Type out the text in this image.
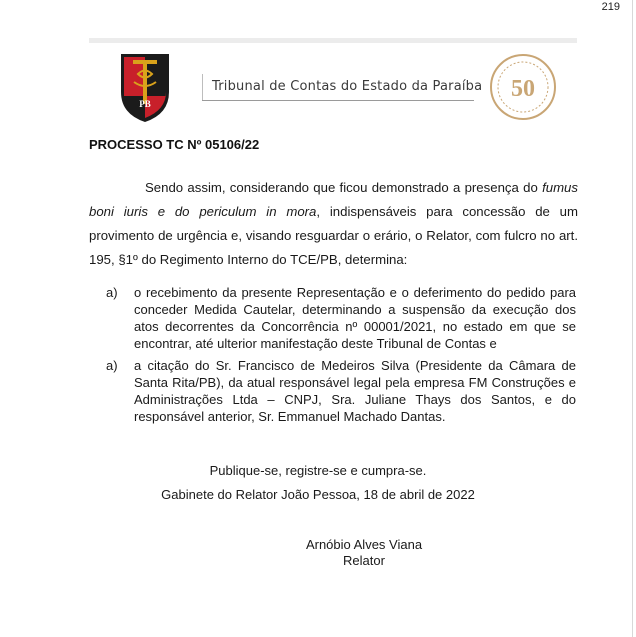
219
PB
Tribunal de Contas do Estado da Paraíba 50
PROCESSO TC Nº 05106/22
Sendo assim, considerando que ficou demonstrado a presença do fumus boni iuris e do periculum in mora, indispensáveis para concessão de um provimento de urgência e, visando resguardar o erário, o Relator, com fulcro no art. 195, §1º do Regimento Interno do TCE/PB, determina:
a) o recebimento da presente Representação e o deferimento do pedido para conceder Medida Cautelar, determinando a suspensão da execução dos atos decorrentes da Concorrência nº 00001/2021, no estado em que se encontrar, até ulterior manifestação deste Tribunal de Contas e
a) a citação do Sr. Francisco de Medeiros Silva (Presidente da Câmara de Santa Rita/PB), da atual responsável legal pela empresa FM Construções e Administrações Ltda – CNPJ, Sra. Juliane Thays dos Santos, e do responsável anterior, Sr. Emmanuel Machado Dantas.
Publique-se, registre-se e cumpra-se.
Gabinete do Relator João Pessoa, 18 de abril de 2022
Arnóbio Alves Viana
Relator
